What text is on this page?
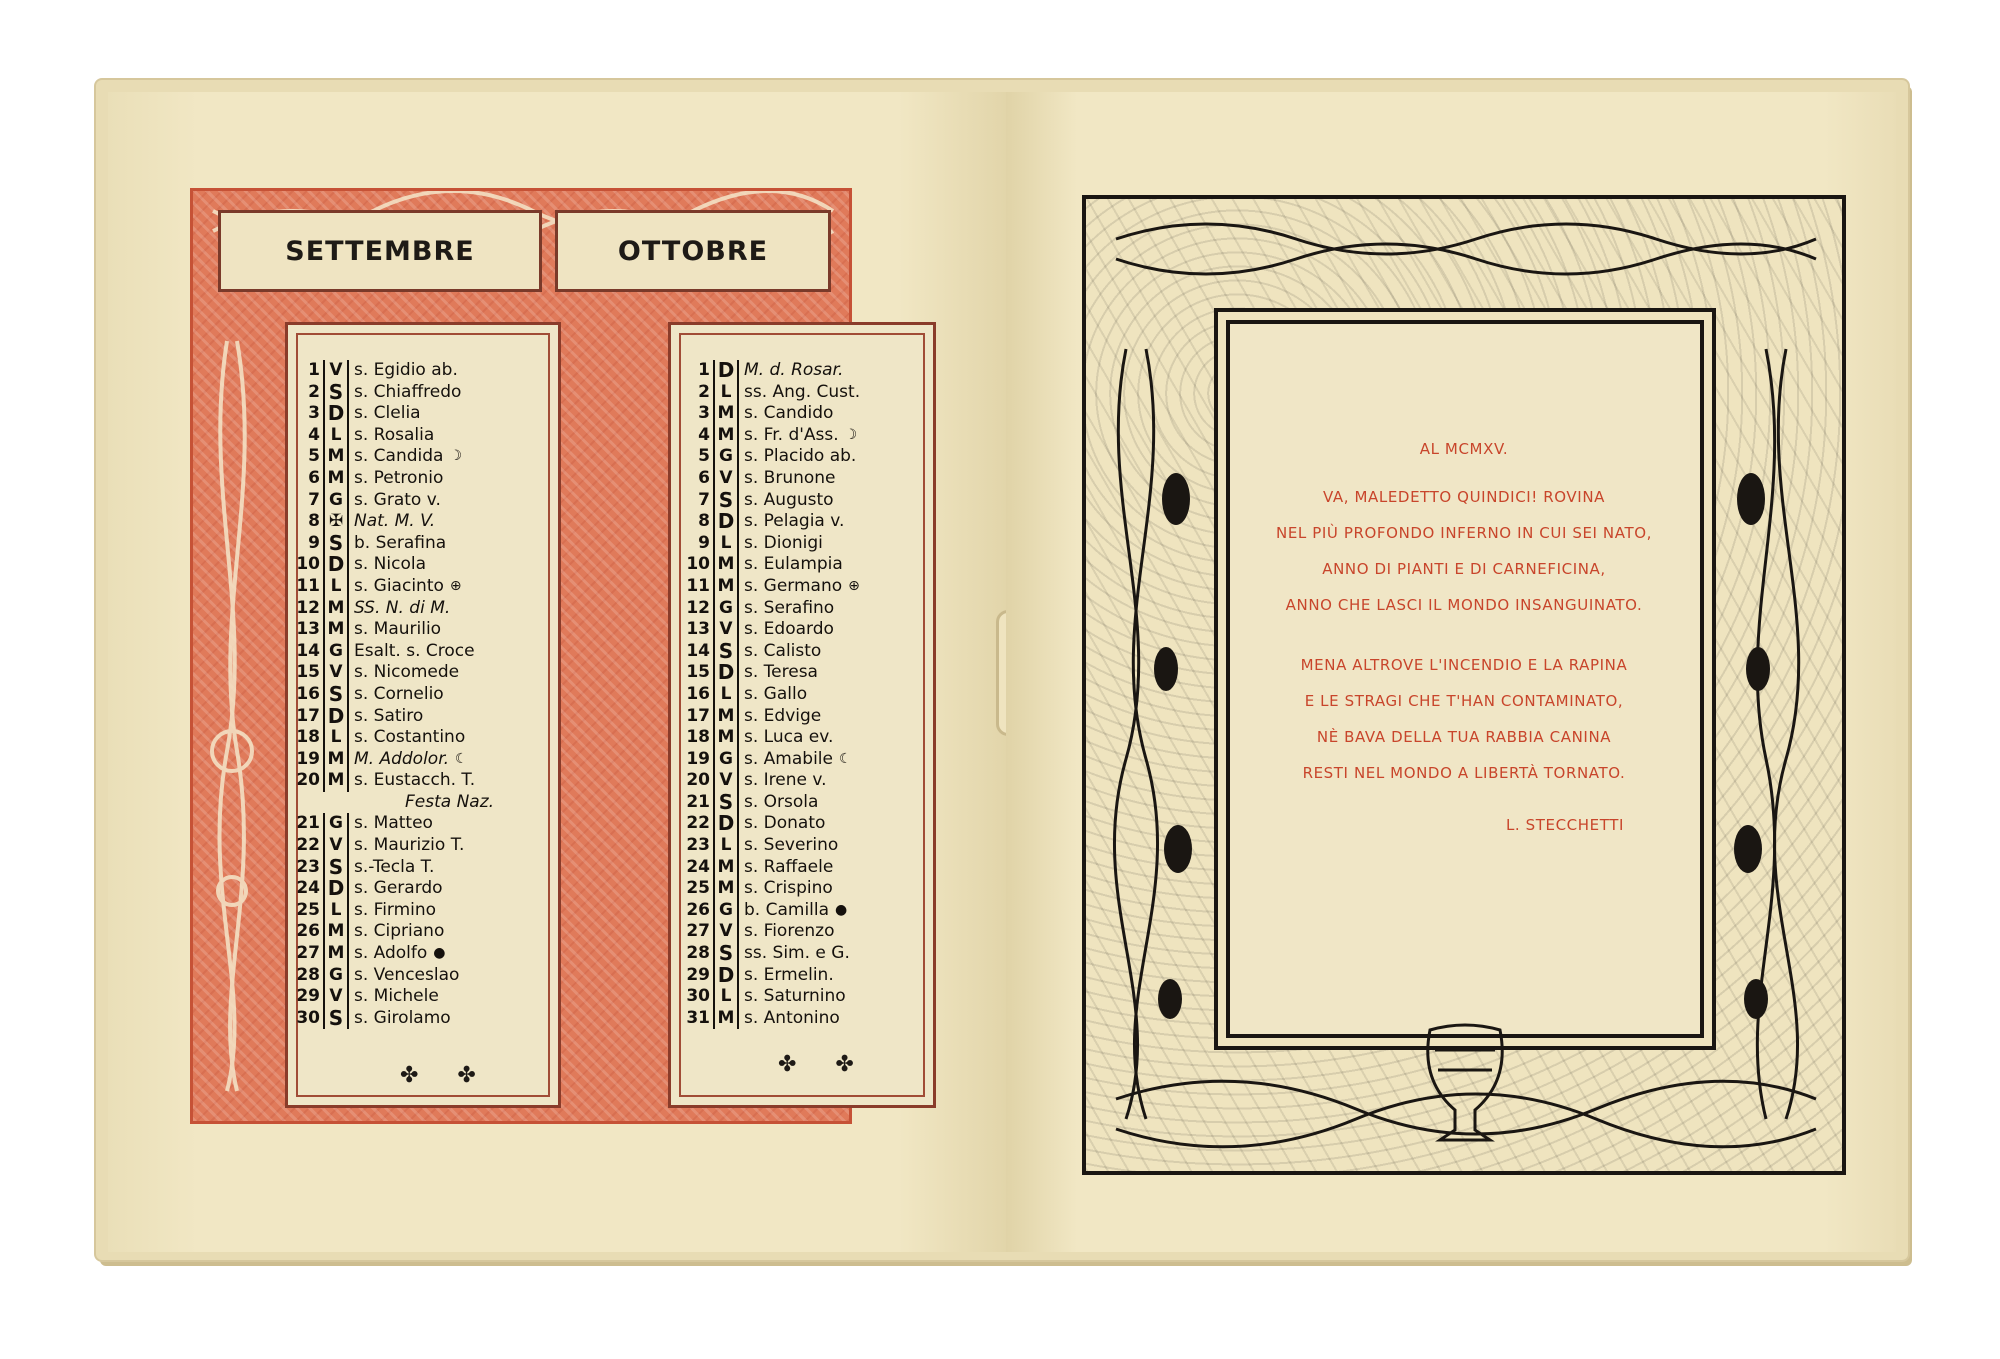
SETTEMBRE	OTTOBRE
1 V s. Egidio ab.
2 S s. Chiaffredo
3 D s. Clelia
4 L s. Rosalia
5 M s. Candida ☽
6 M s. Petronio
7 G s. Grato v.
8 ✠ Nat. M. V.
9 S b. Serafina
10 D s. Nicola
11 L s. Giacinto ⊕
12 M SS. N. di M.
13 M s. Maurilio
14 G Esalt. s. Croce
15 V s. Nicomede
16 S s. Cornelio
17 D s. Satiro
18 L s. Costantino
19 M M. Addolor. ☾
20 M s. Eustacch. T.
Festa Naz.
21 G s. Matteo
22 V s. Maurizio T.
23 S s.-Tecla T.
24 D s. Gerardo
25 L s. Firmino
26 M s. Cipriano
27 M s. Adolfo ●
28 G s. Venceslao
29 V s. Michele
30 S s. Girolamo
1 D M. d. Rosar.
2 L ss. Ang. Cust.
3 M s. Candido
4 M s. Fr. d'Ass. ☽
5 G s. Placido ab.
6 V s. Brunone
7 S s. Augusto
8 D s. Pelagia v.
9 L s. Dionigi
10 M s. Eulampia
11 M s. Germano ⊕
12 G s. Serafino
13 V s. Edoardo
14 S s. Calisto
15 D s. Teresa
16 L s. Gallo
17 M s. Edvige
18 M s. Luca ev.
19 G s. Amabile ☾
20 V s. Irene v.
21 S s. Orsola
22 D s. Donato
23 L s. Severino
24 M s. Raffaele
25 M s. Crispino
26 G b. Camilla ●
27 V s. Fiorenzo
28 S ss. Sim. e G.
29 D s. Ermelin.
30 L s. Saturnino
31 M s. Antonino
✤ ✤	✤ ✤
AL MCMXV.
VA, MALEDETTO QUINDICI! ROVINA
NEL PIÙ PROFONDO INFERNO IN CUI SEI NATO,
ANNO DI PIANTI E DI CARNEFICINA,
ANNO CHE LASCI IL MONDO INSANGUINATO.
MENA ALTROVE L'INCENDIO E LA RAPINA
E LE STRAGI CHE T'HAN CONTAMINATO,
NÈ BAVA DELLA TUA RABBIA CANINA
RESTI NEL MONDO A LIBERTÀ TORNATO.
L. STECCHETTI
